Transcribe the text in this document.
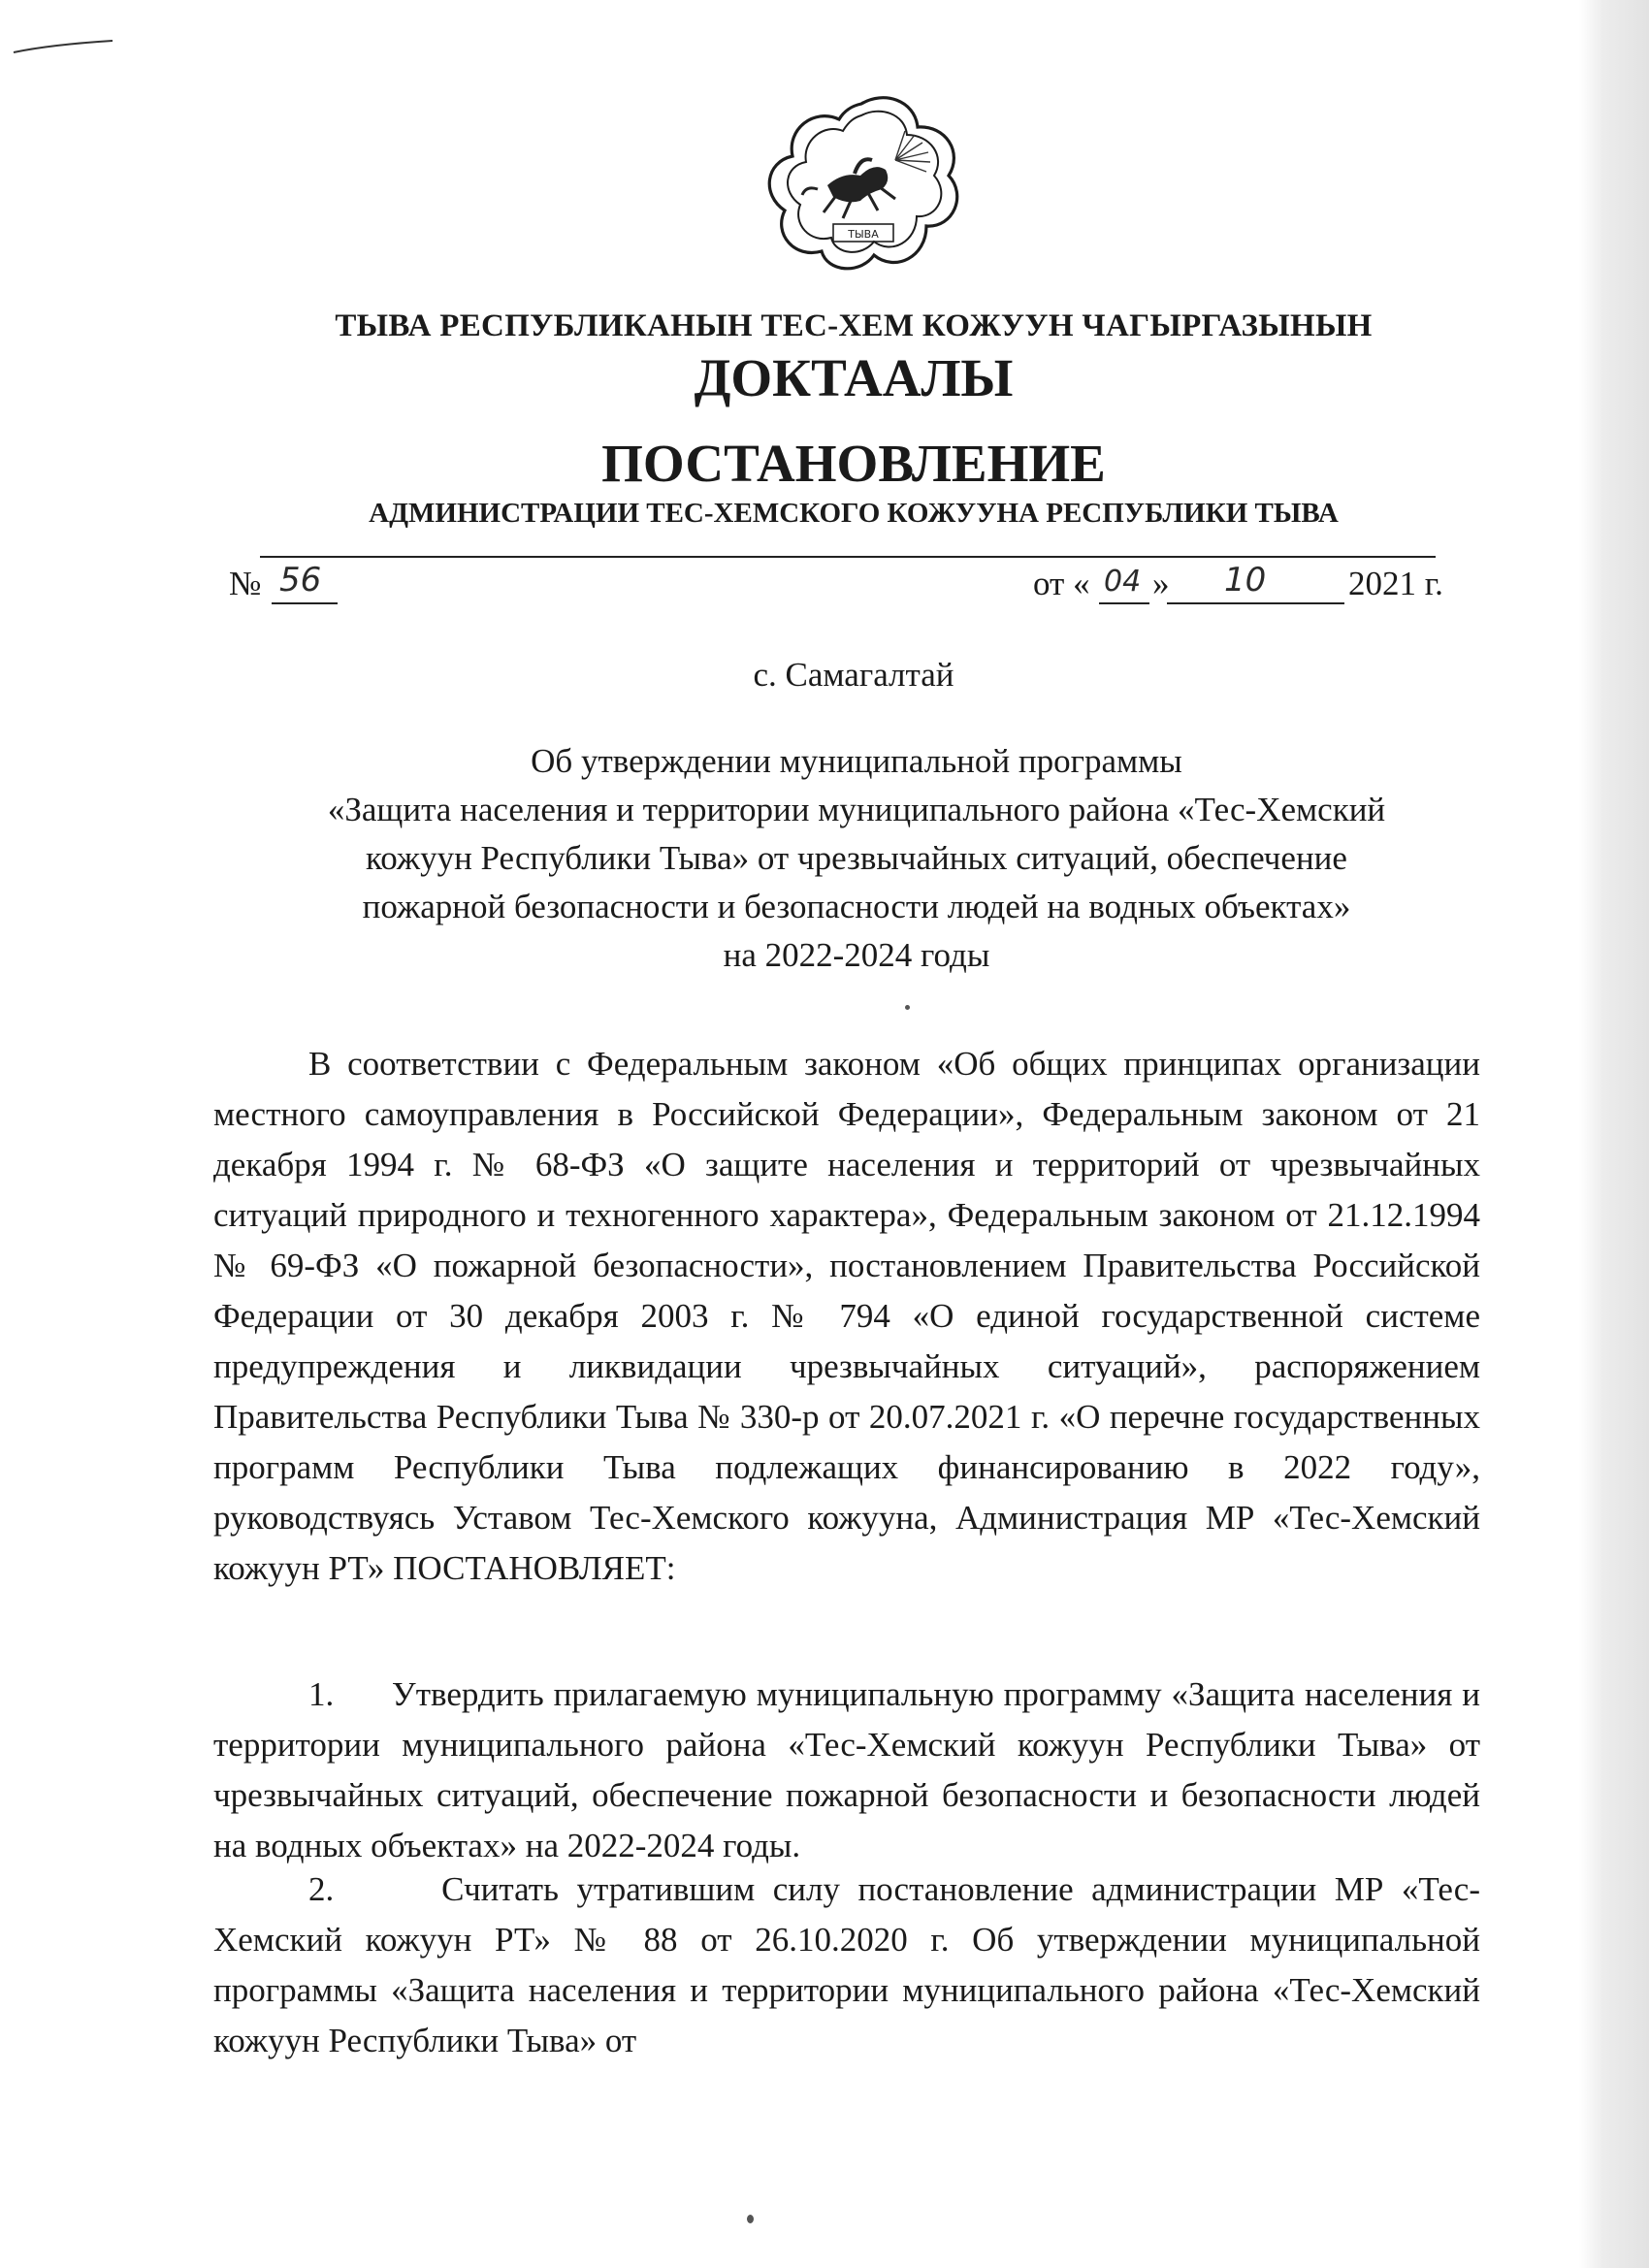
ТЫВА
ТЫВА РЕСПУБЛИКАНЫН ТЕС-ХЕМ КОЖУУН ЧАГЫРГАЗЫНЫН
ДОКТААЛЫ
ПОСТАНОВЛЕНИЕ
АДМИНИСТРАЦИИ ТЕС-ХЕМСКОГО КОЖУУНА РЕСПУБЛИКИ ТЫВА
№ 56	от « 04 » 10 2021 г.
с. Самагалтай
Об утверждении муниципальной программы
«Защита населения и территории муниципального района «Тес-Хемский
кожуун Республики Тыва» от чрезвычайных ситуаций, обеспечение
пожарной безопасности и безопасности людей на водных объектах»
на 2022-2024 годы
В соответствии с Федеральным законом «Об общих принципах организации местного самоуправления в Российской Федерации», Федеральным законом от 21 декабря 1994 г. № 68-ФЗ «О защите населения и территорий от чрезвычайных ситуаций природного и техногенного характера», Федеральным законом от 21.12.1994 № 69-ФЗ «О пожарной безопасности», постановлением Правительства Российской Федерации от 30 декабря 2003 г. № 794 «О единой государственной системе предупреждения и ликвидации чрезвычайных ситуаций», распоряжением Правительства Республики Тыва № 330-р от 20.07.2021 г. «О перечне государственных программ Республики Тыва подлежащих финансированию в 2022 году», руководствуясь Уставом Тес-Хемского кожууна, Администрация МР «Тес-Хемский кожуун РТ» ПОСТАНОВЛЯЕТ:
1.      Утвердить прилагаемую муниципальную программу «Защита населения и территории муниципального района «Тес-Хемский кожуун Республики Тыва» от чрезвычайных ситуаций, обеспечение пожарной безопасности и безопасности людей на водных объектах» на 2022-2024 годы.
2.      Считать утратившим силу постановление администрации МР «Тес-Хемский кожуун РТ» № 88 от 26.10.2020 г. Об утверждении муниципальной программы «Защита населения и территории муниципального района «Тес-Хемский кожуун Республики Тыва» от
